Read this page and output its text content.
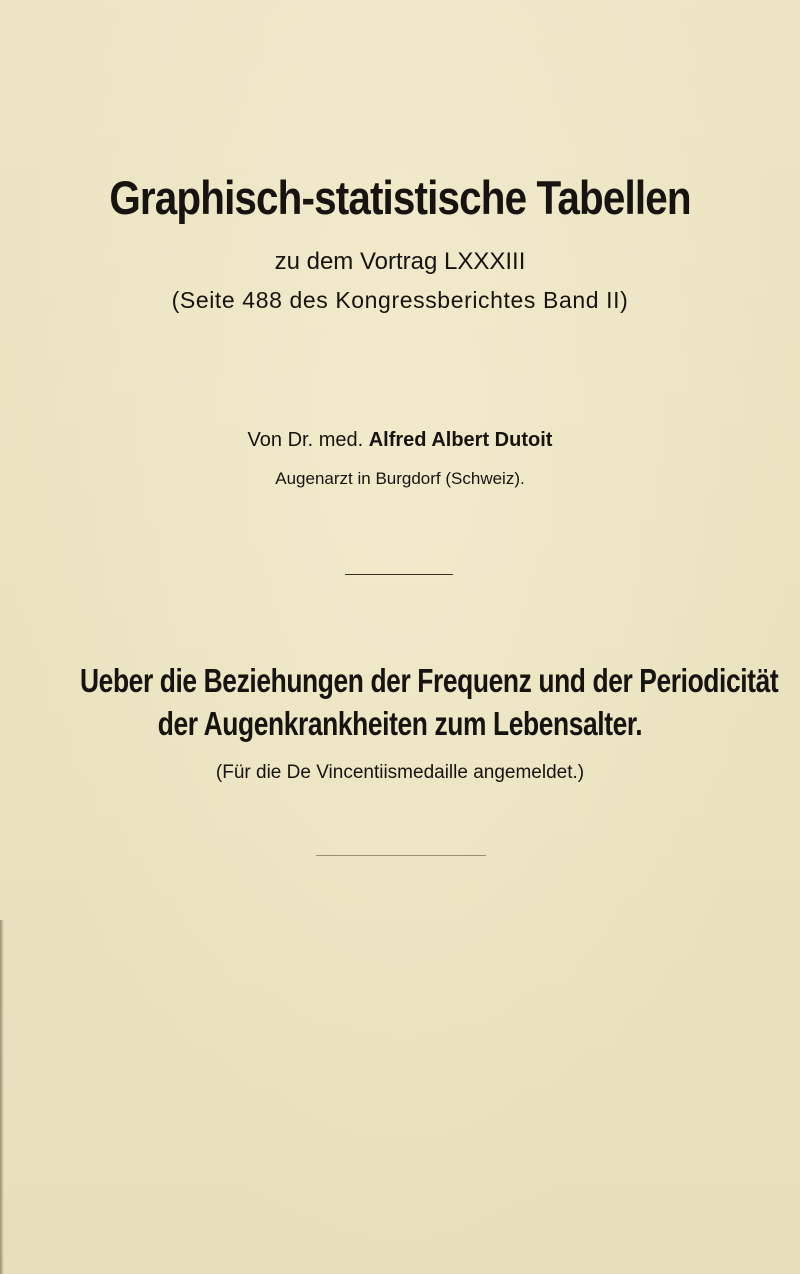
Graphisch-statistische Tabellen
zu dem Vortrag LXXXIII
(Seite 488 des Kongressberichtes Band II)
Von Dr. med. Alfred Albert Dutoit
Augenarzt in Burgdorf (Schweiz).
Ueber die Beziehungen der Frequenz und der Periodicität
der Augenkrankheiten zum Lebensalter.
(Für die De Vincentiismedaille angemeldet.)
